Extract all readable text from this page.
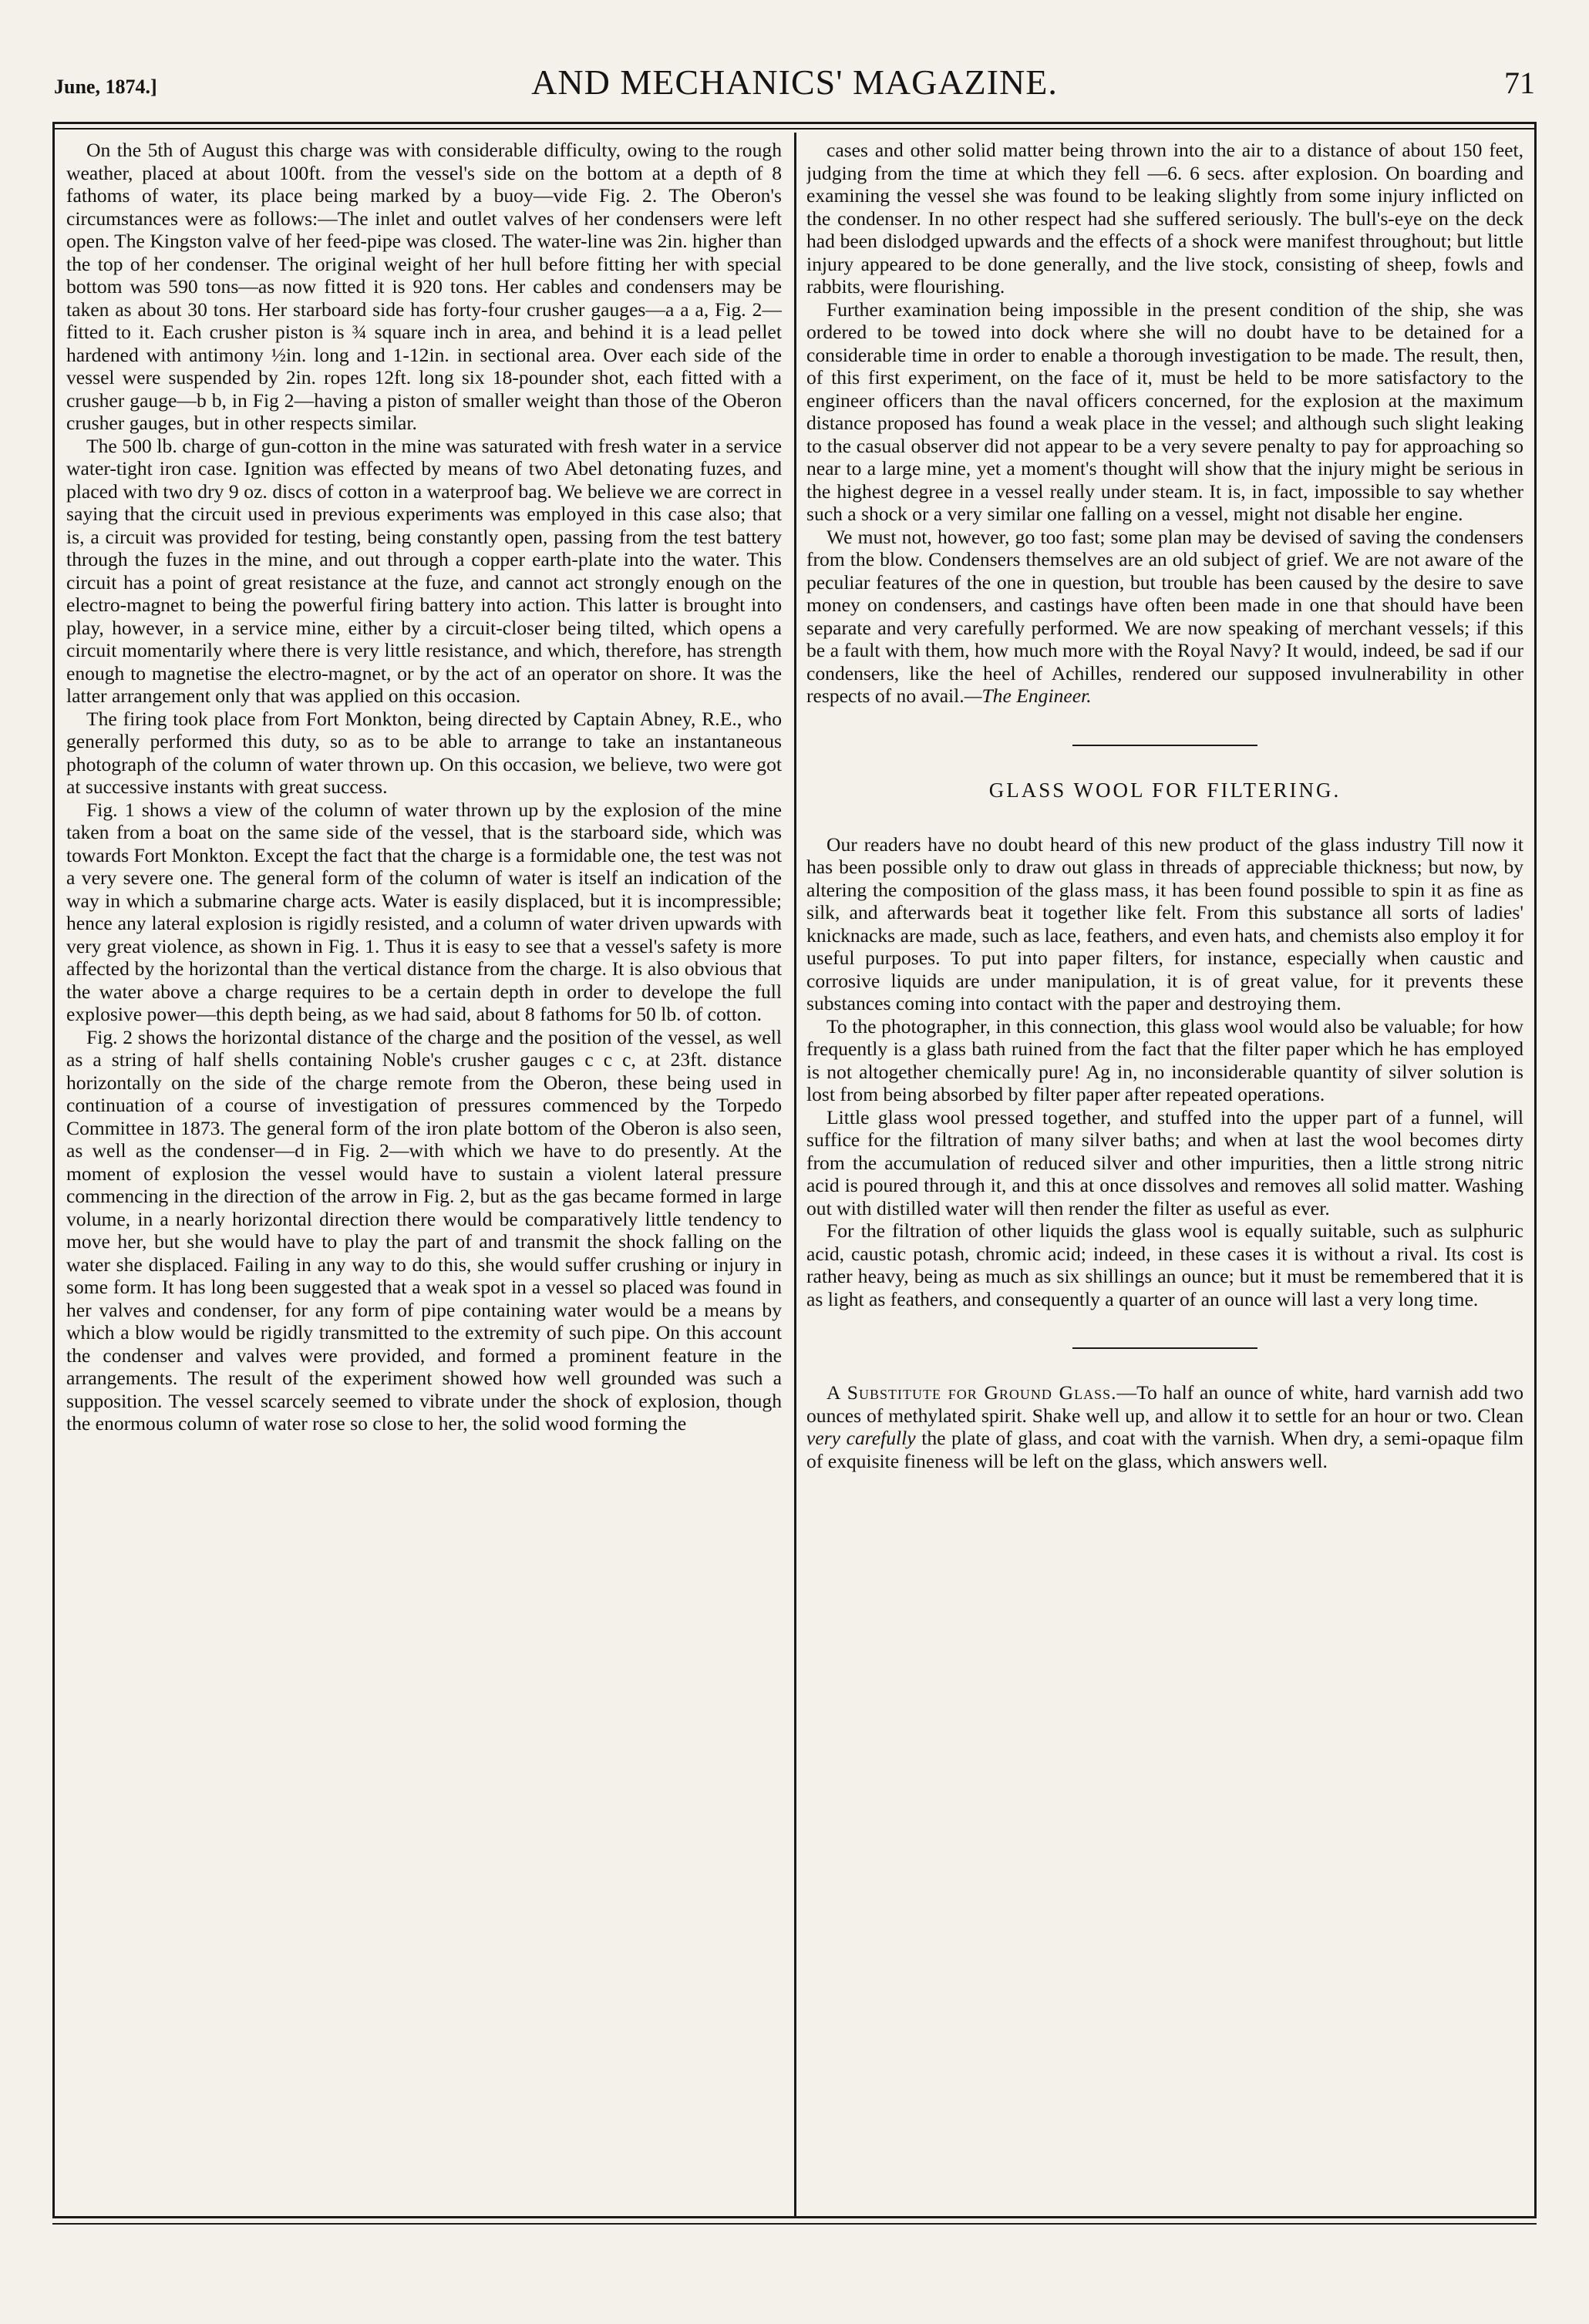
June, 1874.]	AND MECHANICS' MAGAZINE.	71

On the 5th of August this charge was with considerable difficulty, owing to the rough weather, placed at about 100ft. from the vessel's side on the bottom at a depth of 8 fathoms of water, its place being marked by a buoy—vide Fig. 2. The Oberon's circumstances were as follows:—The inlet and outlet valves of her condensers were left open. The Kingston valve of her feed-pipe was closed. The water-line was 2in. higher than the top of her condenser. The original weight of her hull before fitting her with special bottom was 590 tons—as now fitted it is 920 tons. Her cables and condensers may be taken as about 30 tons. Her starboard side has forty-four crusher gauges—a a a, Fig. 2—fitted to it. Each crusher piston is ¾ square inch in area, and behind it is a lead pellet hardened with antimony ½in. long and 1-12in. in sectional area. Over each side of the vessel were suspended by 2in. ropes 12ft. long six 18-pounder shot, each fitted with a crusher gauge—b b, in Fig 2—having a piston of smaller weight than those of the Oberon crusher gauges, but in other respects similar.

The 500 lb. charge of gun-cotton in the mine was saturated with fresh water in a service water-tight iron case. Ignition was effected by means of two Abel detonating fuzes, and placed with two dry 9 oz. discs of cotton in a waterproof bag. We believe we are correct in saying that the circuit used in previous experiments was employed in this case also; that is, a circuit was provided for testing, being constantly open, passing from the test battery through the fuzes in the mine, and out through a copper earth-plate into the water. This circuit has a point of great resistance at the fuze, and cannot act strongly enough on the electro-magnet to being the powerful firing battery into action. This latter is brought into play, however, in a service mine, either by a circuit-closer being tilted, which opens a circuit momentarily where there is very little resistance, and which, therefore, has strength enough to magnetise the electro-magnet, or by the act of an operator on shore. It was the latter arrangement only that was applied on this occasion.

The firing took place from Fort Monkton, being directed by Captain Abney, R.E., who generally performed this duty, so as to be able to arrange to take an instantaneous photograph of the column of water thrown up. On this occasion, we believe, two were got at successive instants with great success.

Fig. 1 shows a view of the column of water thrown up by the explosion of the mine taken from a boat on the same side of the vessel, that is the starboard side, which was towards Fort Monkton. Except the fact that the charge is a formidable one, the test was not a very severe one. The general form of the column of water is itself an indication of the way in which a submarine charge acts. Water is easily displaced, but it is incompressible; hence any lateral explosion is rigidly resisted, and a column of water driven upwards with very great violence, as shown in Fig. 1. Thus it is easy to see that a vessel's safety is more affected by the horizontal than the vertical distance from the charge. It is also obvious that the water above a charge requires to be a certain depth in order to develope the full explosive power—this depth being, as we had said, about 8 fathoms for 50 lb. of cotton.

Fig. 2 shows the horizontal distance of the charge and the position of the vessel, as well as a string of half shells containing Noble's crusher gauges c c c, at 23ft. distance horizontally on the side of the charge remote from the Oberon, these being used in continuation of a course of investigation of pressures commenced by the Torpedo Committee in 1873. The general form of the iron plate bottom of the Oberon is also seen, as well as the condenser—d in Fig. 2—with which we have to do presently. At the moment of explosion the vessel would have to sustain a violent lateral pressure commencing in the direction of the arrow in Fig. 2, but as the gas became formed in large volume, in a nearly horizontal direction there would be comparatively little tendency to move her, but she would have to play the part of and transmit the shock falling on the water she displaced. Failing in any way to do this, she would suffer crushing or injury in some form. It has long been suggested that a weak spot in a vessel so placed was found in her valves and condenser, for any form of pipe containing water would be a means by which a blow would be rigidly transmitted to the extremity of such pipe. On this account the condenser and valves were provided, and formed a prominent feature in the arrangements. The result of the experiment showed how well grounded was such a supposition. The vessel scarcely seemed to vibrate under the shock of explosion, though the enormous column of water rose so close to her, the solid wood forming the

cases and other solid matter being thrown into the air to a distance of about 150 feet, judging from the time at which they fell —6. 6 secs. after explosion. On boarding and examining the vessel she was found to be leaking slightly from some injury inflicted on the condenser. In no other respect had she suffered seriously. The bull's-eye on the deck had been dislodged upwards and the effects of a shock were manifest throughout; but little injury appeared to be done generally, and the live stock, consisting of sheep, fowls and rabbits, were flourishing.

Further examination being impossible in the present condition of the ship, she was ordered to be towed into dock where she will no doubt have to be detained for a considerable time in order to enable a thorough investigation to be made. The result, then, of this first experiment, on the face of it, must be held to be more satisfactory to the engineer officers than the naval officers concerned, for the explosion at the maximum distance proposed has found a weak place in the vessel; and although such slight leaking to the casual observer did not appear to be a very severe penalty to pay for approaching so near to a large mine, yet a moment's thought will show that the injury might be serious in the highest degree in a vessel really under steam. It is, in fact, impossible to say whether such a shock or a very similar one falling on a vessel, might not disable her engine.

We must not, however, go too fast; some plan may be devised of saving the condensers from the blow. Condensers themselves are an old subject of grief. We are not aware of the peculiar features of the one in question, but trouble has been caused by the desire to save money on condensers, and castings have often been made in one that should have been separate and very carefully performed. We are now speaking of merchant vessels; if this be a fault with them, how much more with the Royal Navy? It would, indeed, be sad if our condensers, like the heel of Achilles, rendered our supposed invulnerability in other respects of no avail.—The Engineer.

GLASS WOOL FOR FILTERING.

Our readers have no doubt heard of this new product of the glass industry Till now it has been possible only to draw out glass in threads of appreciable thickness; but now, by altering the composition of the glass mass, it has been found possible to spin it as fine as silk, and afterwards beat it together like felt. From this substance all sorts of ladies' knicknacks are made, such as lace, feathers, and even hats, and chemists also employ it for useful purposes. To put into paper filters, for instance, especially when caustic and corrosive liquids are under manipulation, it is of great value, for it prevents these substances coming into contact with the paper and destroying them.

To the photographer, in this connection, this glass wool would also be valuable; for how frequently is a glass bath ruined from the fact that the filter paper which he has employed is not altogether chemically pure! Ag in, no inconsiderable quantity of silver solution is lost from being absorbed by filter paper after repeated operations.

Little glass wool pressed together, and stuffed into the upper part of a funnel, will suffice for the filtration of many silver baths; and when at last the wool becomes dirty from the accumulation of reduced silver and other impurities, then a little strong nitric acid is poured through it, and this at once dissolves and removes all solid matter. Washing out with distilled water will then render the filter as useful as ever.

For the filtration of other liquids the glass wool is equally suitable, such as sulphuric acid, caustic potash, chromic acid; indeed, in these cases it is without a rival. Its cost is rather heavy, being as much as six shillings an ounce; but it must be remembered that it is as light as feathers, and consequently a quarter of an ounce will last a very long time.

A Substitute for Ground Glass.—To half an ounce of white, hard varnish add two ounces of methylated spirit. Shake well up, and allow it to settle for an hour or two. Clean very carefully the plate of glass, and coat with the varnish. When dry, a semi-opaque film of exquisite fineness will be left on the glass, which answers well.
